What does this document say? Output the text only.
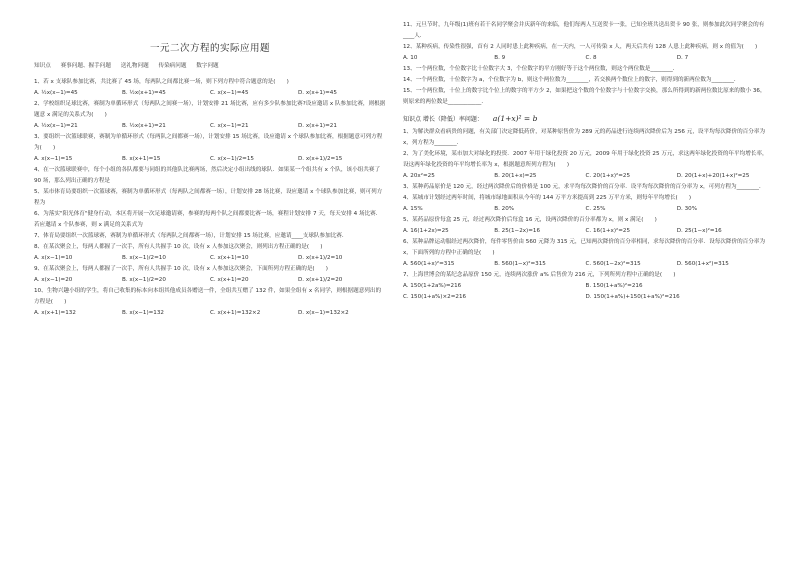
一元二次方程的实际应用题
知识点 赛事问题、握手问题 送礼物问题 传染病问题 数字问题
1、若 x 支球队参加比赛，共比赛了 45 场，每两队之间都比赛一场，则下列方程中符合题意的是(　　)
A. ½x(x−1)=45	B. ½x(x+1)=45	C. x(x−1)=45	D. x(x+1)=45
2、学校组织足球比赛，赛制为单循环形式（每两队之间赛一场），计划安排 21 场比赛，应有多少队参加比赛?设应邀请 x 队参加比赛，则根据题意 x 满足的关系式为(　　)
A. ½x(x−1)=21	B. ½x(x+1)=21	C. x(x−1)=21	D. x(x+1)=21
3、要组织一次篮球联赛，赛制为单循环形式（每两队之间都赛一场），计划安排 15 场比赛，设应邀请 x 个球队参加比赛，根据题意可列方程为(　　)
A. x(x−1)=15	B. x(x+1)=15	C. x(x−1)/2=15	D. x(x+1)/2=15
4、在一次篮球联赛中，每个小组的各队都要与同组的其他队比赛两场，然后决定小组出线的球队．如果某一个组共有 x 个队，该小组共赛了 90 场，那么列出正确的方程是
5、某市体育局要组织一次篮球赛，赛制为单循环形式（每两队之间都赛一场），计划安排 28 场比赛，设应邀请 x 个球队参加比赛，则可列方程为
6、为落实"阳光体育"健身行动，本区将开展一次足球邀请赛，参赛的每两个队之间都要比赛一场，赛程计划安排 7 天，每天安排 4 场比赛．若应邀请 x 个队参赛，则 x 满足的关系式为
7、体育局要组织一次篮球赛，赛制为单循环形式（每两队之间都赛一场），计划安排 15 场比赛，应邀请____支球队参加比赛．
8、在某次聚会上，每两人都握了一次手，所有人共握手 10 次，设有 x 人参加这次聚会，则列出方程正确的是(　　)
A. x(x−1)=10	B. x(x−1)/2=10	C. x(x+1)=10	D. x(x+1)/2=10
9、在某次聚会上，每两人都握了一次手，所有人共握手 10 次，设有 x 人参加这次聚会，下面所列方程正确的是(　　)
A. x(x−1)=20	B. x(x−1)/2=20	C. x(x+1)=20	D. x(x+1)/2=20
10、生物兴趣小组的学生，将自己收集的标本向本组其他成员各赠送一件，全组共互赠了 132 件，如果全组有 x 名同学，则根据题意列出的方程是(　　)
A. x(x+1)=132	B. x(x−1)=132	C. x(x+1)=132×2	D. x(x−1)=132×2
11、元旦节时，九年级(1)班有若干名同学聚会并庆新年的来临，他们每两人互送贺卡一张，已知全班共送出贺卡 90 张，则参加此次同学聚会的有____人．
12、某种疾病，传染性很强，首有 2 人同时患上此种疾病，在一天内，一人可传染 x 人，两天后共有 128 人患上此种疾病，则 x 的值为(　　)
A. 10	B. 9	C. 8	D. 7
13、一个两位数，个位数字比十位数字大 3，个位数字的平方刚好等于这个两位数，则这个两位数是________．
14、一个两位数，十位数字为 a，个位数字为 b，则这个两位数为________，若交换两个数位上的数字，则得到的新两位数为________．
15、一个两位数，十位上的数字比个位上的数字的平方少 2，如果把这个数的个位数字与十位数字交换，那么所得到的新两位数比原来的数小 36，则原来的两位数是____________．
知识点 增长（降低）率问题： a(1+x)² = b
1、为解决群众看病贵的问题，有关部门决定降低药价，对某种原售价为 289 元的药品进行连续两次降价后为 256 元，设平均每次降价的百分率为 x，列方程为________．
2、为了美化环境，某市加大对绿化的投资．2007 年用于绿化投资 20 万元，2009 年用于绿化投资 25 万元，求这两年绿化投资的年平均增长率，设这两年绿化投资的年平均增长率为 x，根据题意所列方程为(　　)
A. 20x²=25	B. 20(1+x)=25	C. 20(1+x)²=25	D. 20(1+x)+20(1+x)²=25
3、某种药品原价是 120 元，经过两次降价后的价格是 100 元，求平均每次降价的百分率．设平均每次降价的百分率为 x，可列方程为________．
4、某城市计划经过两年时间，将城市绿地面积从今年的 144 万平方米提高到 225 万平方米，则每年平均增长(　　)
A. 15%	B. 20%	C. 25%	D. 30%
5、某药品原价每盒 25 元，经过两次降价后每盒 16 元，设两次降价的百分率都为 x，则 x 满足(　　)
A. 16(1+2x)=25	B. 25(1−2x)=16	C. 16(1+x)²=25	D. 25(1−x)²=16
6、某种品牌运动服经过两次降价，每件零售价由 560 元降为 315 元，已知两次降价的百分率相同，求每次降价的百分率．设每次降价的百分率为 x，下面所列的方程中正确的是(　　)
A. 560(1+x)²=315	B. 560(1−x)²=315	C. 560(1−2x)²=315	D. 560(1+x²)=315
7、上海世博会的某纪念品原价 150 元，连续两次涨价 a% 后售价为 216 元，下列所列方程中正确的是(　　)
A. 150(1+2a%)=216	B. 150(1+a%)²=216
C. 150(1+a%)×2=216	D. 150(1+a%)+150(1+a%)²=216
